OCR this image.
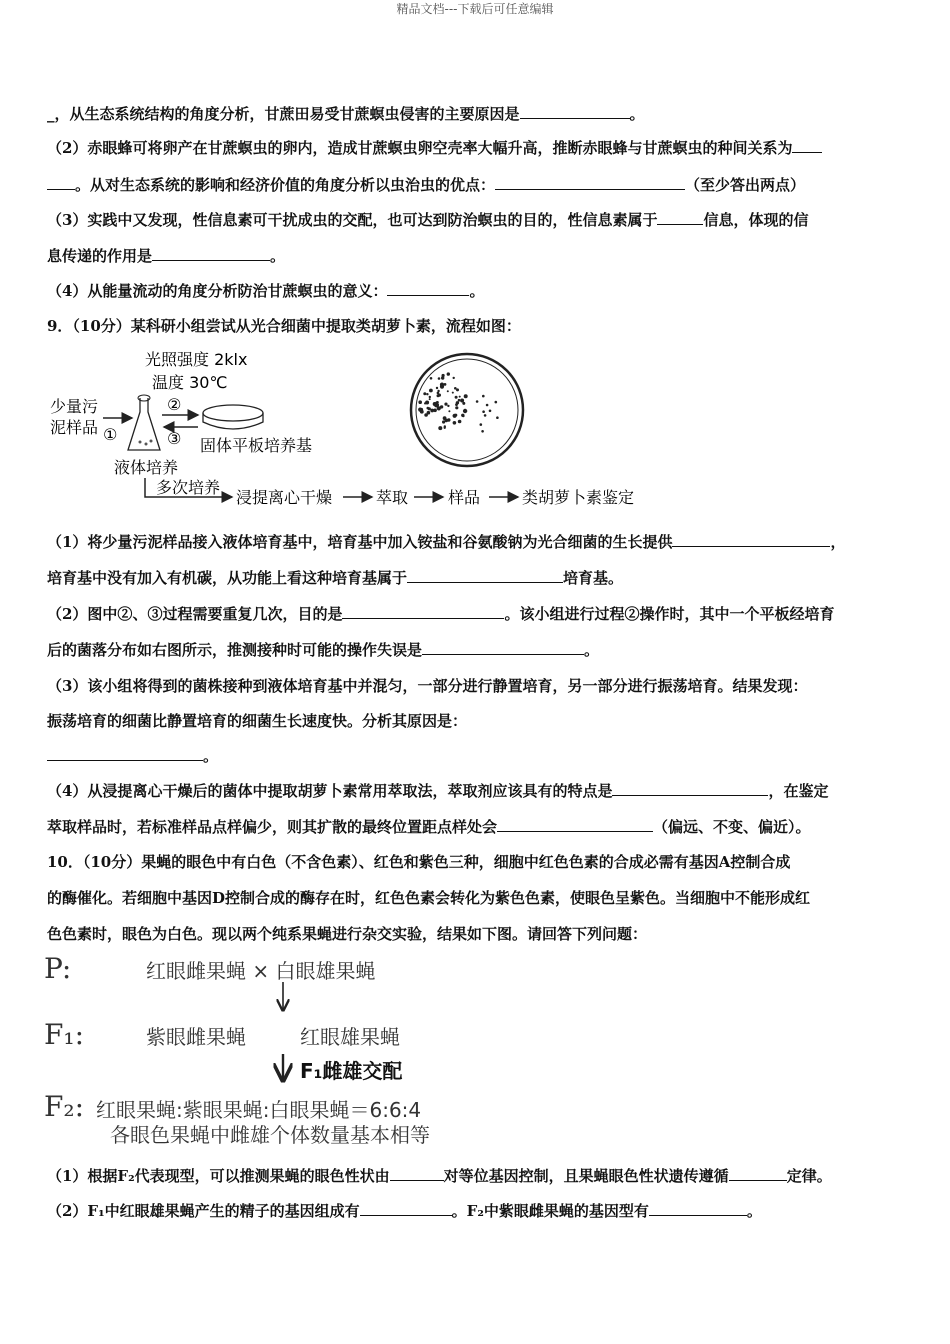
精品文档---下载后可任意编辑
_，从生态系统结构的角度分析，甘蔗田易受甘蔗螟虫侵害的主要原因是	。
（2）赤眼蜂可将卵产在甘蔗螟虫的卵内，造成甘蔗螟虫卵空壳率大幅升高，推断赤眼蜂与甘蔗螟虫的种间关系为
。从对生态系统的影响和经济价值的角度分析以虫治虫的优点：	（至少答出两点）
（3）实践中又发现，性信息素可干扰成虫的交配，也可达到防治螟虫的目的，性信息素属于	信息，体现的信
息传递的作用是	。
（4）从能量流动的角度分析防治甘蔗螟虫的意义：	。
9．（10分）某科研小组尝试从光合细菌中提取类胡萝卜素，流程如图：
少量污
泥样品 ①
光照强度 2klx
温度 30℃
②
③ 固体平板培养基
液体培养
多次培养
浸提离心干燥	萃取 样品	类胡萝卜素鉴定
（1）将少量污泥样品接入液体培育基中，培育基中加入铵盐和谷氨酸钠为光合细菌的生长提供	，
培育基中没有加入有机碳，从功能上看这种培育基属于	培育基。
（2）图中②、③过程需要重复几次，目的是	。该小组进行过程②操作时，其中一个平板经培育
后的菌落分布如右图所示，推测接种时可能的操作失误是	。
（3）该小组将得到的菌株接种到液体培育基中并混匀，一部分进行静置培育，另一部分进行振荡培育。结果发现：
振荡培育的细菌比静置培育的细菌生长速度快。分析其原因是：
。
（4）从浸提离心干燥后的菌体中提取胡萝卜素常用萃取法，萃取剂应该具有的特点是	，在鉴定
萃取样品时，若标准样品点样偏少，则其扩散的最终位置距点样处会	（偏远、不变、偏近）。
10．（10分）果蝇的眼色中有白色（不含色素）、红色和紫色三种，细胞中红色色素的合成必需有基因A控制合成
的酶催化。若细胞中基因D控制合成的酶存在时，红色色素会转化为紫色色素，使眼色呈紫色。当细胞中不能形成红
色色素时，眼色为白色。现以两个纯系果蝇进行杂交实验，结果如下图。请回答下列问题：
P:	红眼雌果蝇 × 白眼雄果蝇
F₁:	紫眼雌果蝇	红眼雄果蝇
F₁雌雄交配
F₂: 红眼果蝇:紫眼果蝇:白眼果蝇＝6:6:4
各眼色果蝇中雌雄个体数量基本相等
（1）根据F₂代表现型，可以推测果蝇的眼色性状由	对等位基因控制，且果蝇眼色性状遗传遵循	定律。
（2）F₁中红眼雄果蝇产生的精子的基因组成有	。F₂中紫眼雌果蝇的基因型有	。
